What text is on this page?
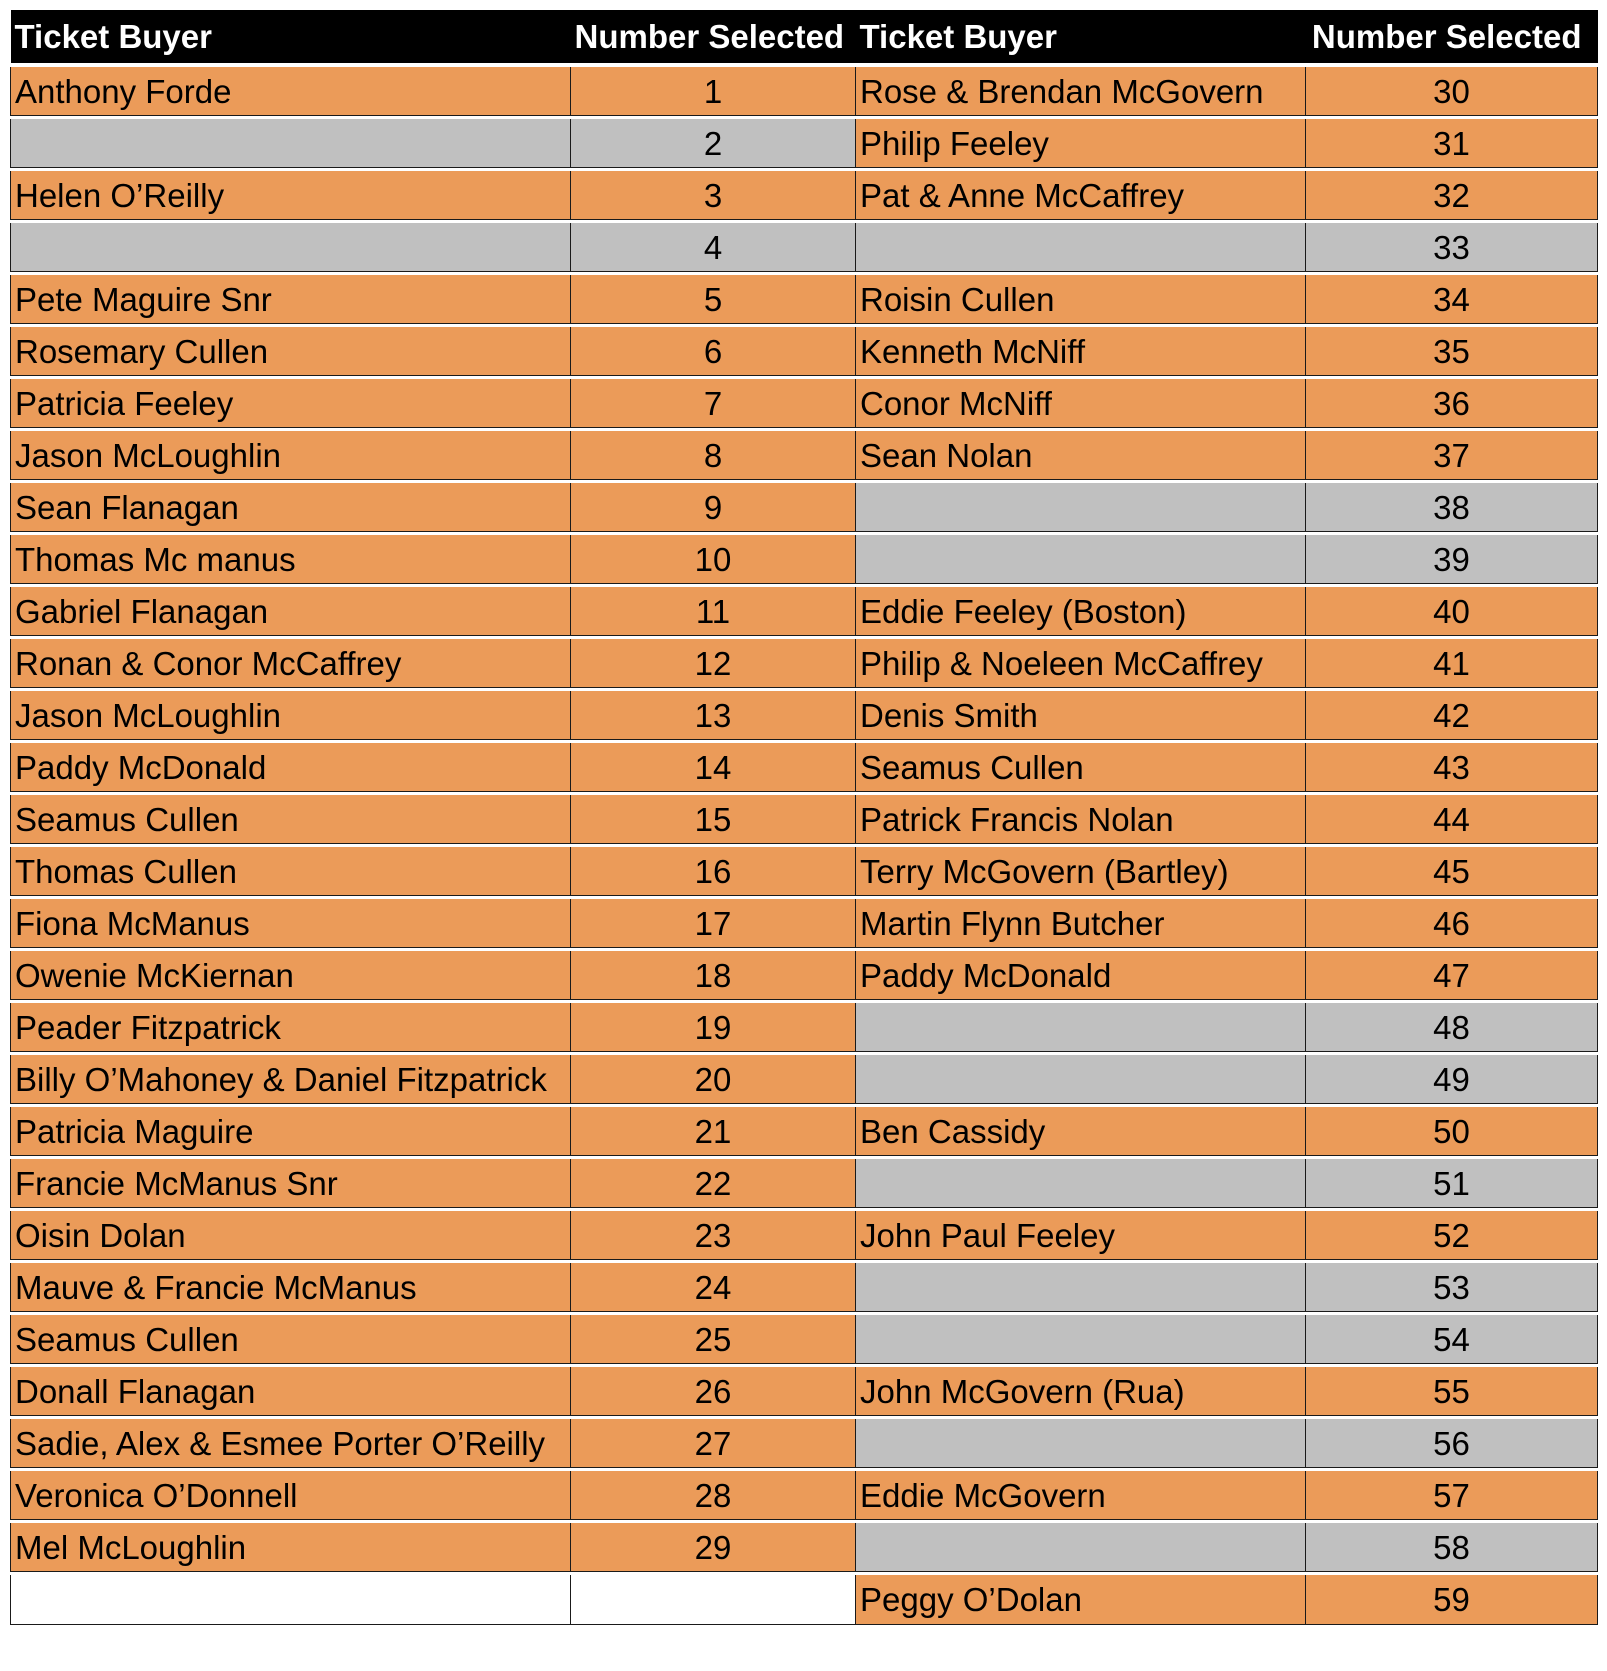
Ticket Buyer	Number Selected	Ticket Buyer	Number Selected
Anthony Forde	1	Rose & Brendan McGovern	30
	2	Philip Feeley	31
Helen O’Reilly	3	Pat & Anne McCaffrey	32
	4		33
Pete Maguire Snr	5	Roisin Cullen	34
Rosemary Cullen	6	Kenneth McNiff	35
Patricia Feeley	7	Conor McNiff	36
Jason McLoughlin	8	Sean Nolan	37
Sean Flanagan	9		38
Thomas Mc manus	10		39
Gabriel Flanagan	11	Eddie Feeley (Boston)	40
Ronan & Conor McCaffrey	12	Philip & Noeleen McCaffrey	41
Jason McLoughlin	13	Denis Smith	42
Paddy McDonald	14	Seamus Cullen	43
Seamus Cullen	15	Patrick Francis Nolan	44
Thomas Cullen	16	Terry McGovern (Bartley)	45
Fiona McManus	17	Martin Flynn Butcher	46
Owenie McKiernan	18	Paddy McDonald	47
Peader Fitzpatrick	19		48
Billy O’Mahoney & Daniel Fitzpatrick	20		49
Patricia Maguire	21	Ben Cassidy	50
Francie McManus Snr	22		51
Oisin Dolan	23	John Paul Feeley	52
Mauve & Francie McManus	24		53
Seamus Cullen	25		54
Donall Flanagan	26	John McGovern (Rua)	55
Sadie, Alex & Esmee Porter O’Reilly	27		56
Veronica O’Donnell	28	Eddie McGovern	57
Mel McLoughlin	29		58
		Peggy O’Dolan	59
